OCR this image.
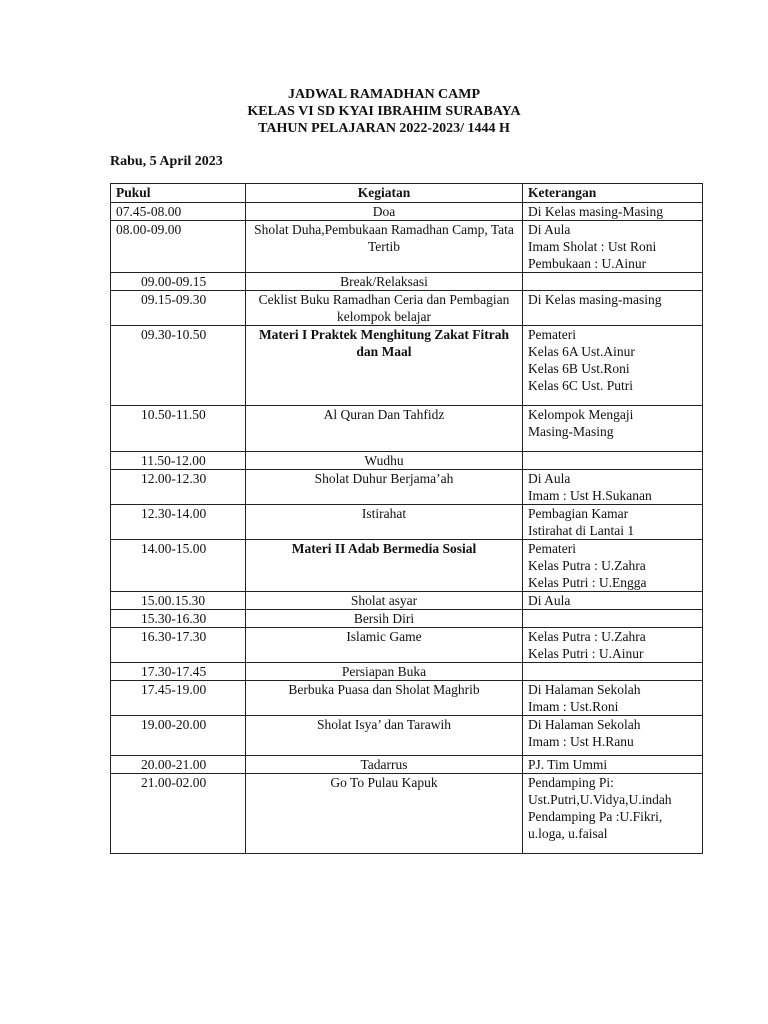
JADWAL RAMADHAN CAMP
KELAS VI SD KYAI IBRAHIM SURABAYA
TAHUN PELAJARAN 2022-2023/ 1444 H
Rabu, 5 April 2023
Pukul	Kegiatan	Keterangan
07.45-08.00	Doa	Di Kelas masing-Masing

08.00-09.00	Sholat Duha,Pembukaan Ramadhan Camp, Tata Tertib	Di Aula
Imam Sholat : Ust Roni
Pembukaan : U.Ainur

09.00-09.15	Break/Relaksasi	
09.15-09.30	Ceklist Buku Ramadhan Ceria dan Pembagian kelompok belajar	Di Kelas masing-masing

09.30-10.50	Materi I Praktek Menghitung Zakat Fitrah dan Maal	Pemateri
Kelas 6A Ust.Ainur
Kelas 6B Ust.Roni
Kelas 6C Ust. Putri

10.50-11.50	Al Quran Dan Tahfidz	Kelompok Mengaji
Masing-Masing

11.50-12.00	Wudhu	
12.00-12.30	Sholat Duhur Berjama’ah	Di Aula
Imam : Ust H.Sukanan

12.30-14.00	Istirahat	Pembagian Kamar
Istirahat di Lantai 1

14.00-15.00	Materi II Adab Bermedia Sosial	Pemateri
Kelas Putra : U.Zahra
Kelas Putri : U.Engga

15.00.15.30	Sholat asyar	Di Aula

15.30-16.30	Bersih Diri	
16.30-17.30	Islamic Game	Kelas Putra : U.Zahra
Kelas Putri : U.Ainur

17.30-17.45	Persiapan Buka	
17.45-19.00	Berbuka Puasa dan Sholat Maghrib	Di Halaman Sekolah
Imam : Ust.Roni

19.00-20.00	Sholat Isya’ dan Tarawih	Di Halaman Sekolah
Imam : Ust H.Ranu

20.00-21.00	Tadarrus	PJ. Tim Ummi

21.00-02.00	Go To Pulau Kapuk	Pendamping Pi:
Ust.Putri,U.Vidya,U.indah
Pendamping Pa :U.Fikri,
u.loga, u.faisal
